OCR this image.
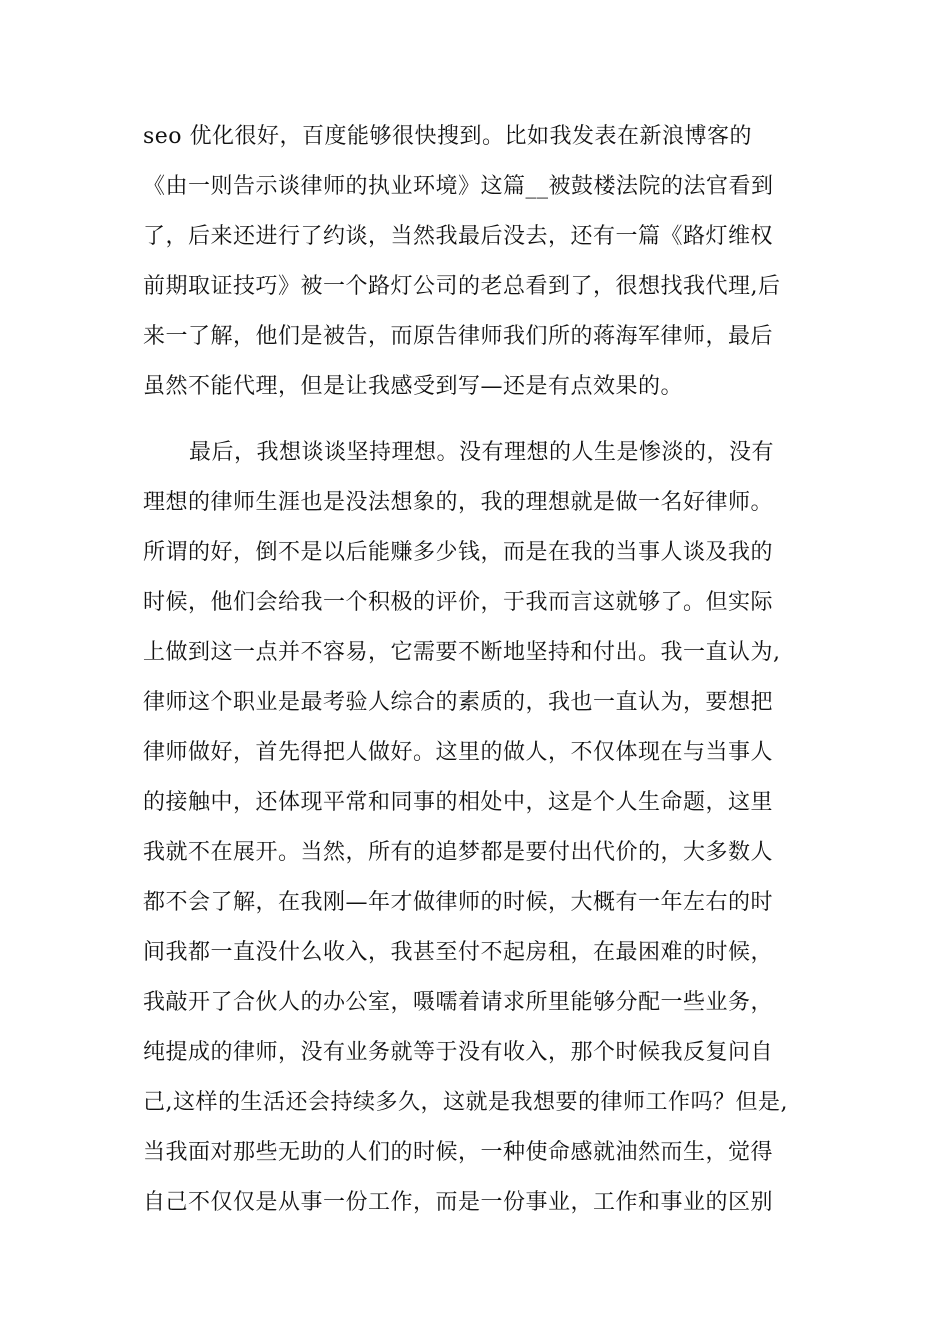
seo 优化很好，百度能够很快搜到。比如我发表在新浪博客的
《由一则告示谈律师的执业环境》这篇__被鼓楼法院的法官看到
了，后来还进行了约谈，当然我最后没去，还有一篇《路灯维权
前期取证技巧》被一个路灯公司的老总看到了，很想找我代理,后
来一了解，他们是被告，而原告律师我们所的蒋海军律师，最后
虽然不能代理，但是让我感受到写—还是有点效果的。
最后，我想谈谈坚持理想。没有理想的人生是惨淡的，没有
理想的律师生涯也是没法想象的，我的理想就是做一名好律师。
所谓的好，倒不是以后能赚多少钱，而是在我的当事人谈及我的
时候，他们会给我一个积极的评价，于我而言这就够了。但实际
上做到这一点并不容易，它需要不断地坚持和付出。我一直认为,
律师这个职业是最考验人综合的素质的，我也一直认为，要想把
律师做好，首先得把人做好。这里的做人，不仅体现在与当事人
的接触中，还体现平常和同事的相处中，这是个人生命题，这里
我就不在展开。当然，所有的追梦都是要付出代价的，大多数人
都不会了解，在我刚—年才做律师的时候，大概有一年左右的时
间我都一直没什么收入，我甚至付不起房租，在最困难的时候，
我敲开了合伙人的办公室，嗫嚅着请求所里能够分配一些业务，
纯提成的律师，没有业务就等于没有收入，那个时候我反复问自
己,这样的生活还会持续多久，这就是我想要的律师工作吗？但是,
当我面对那些无助的人们的时候，一种使命感就油然而生，觉得
自己不仅仅是从事一份工作，而是一份事业，工作和事业的区别
